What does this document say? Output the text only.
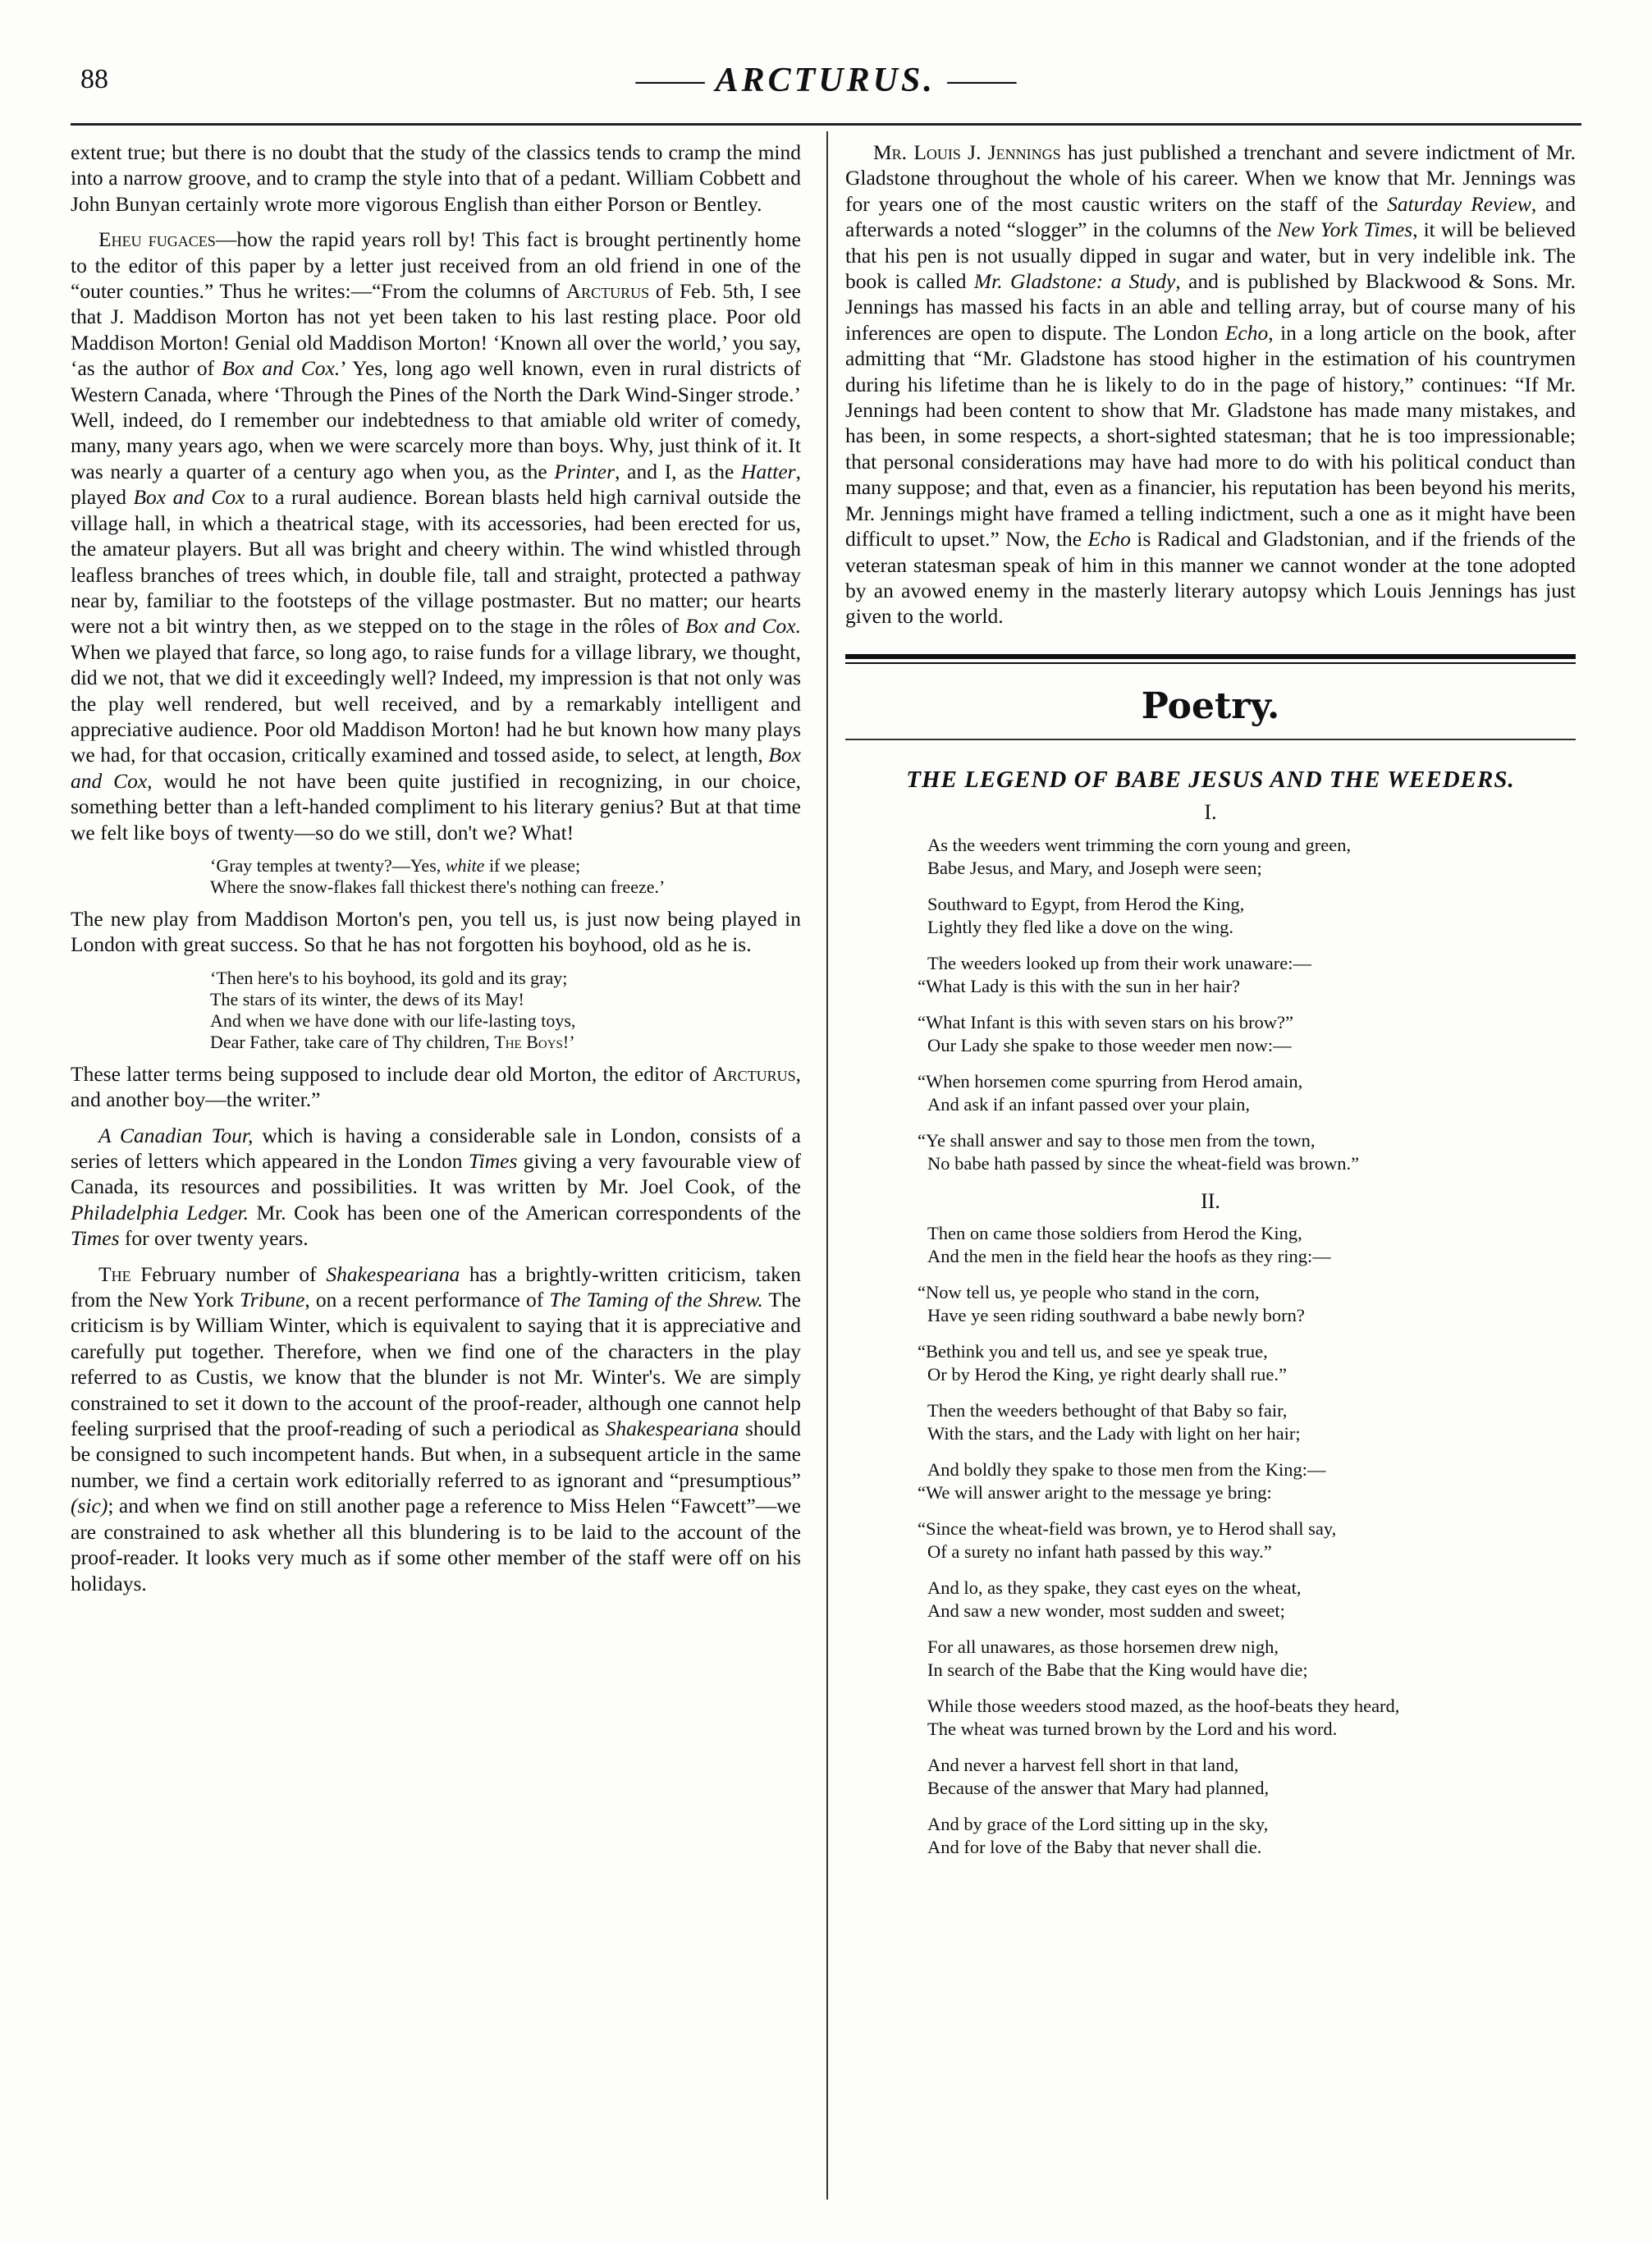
88	—— ARCTURUS. ——

extent true; but there is no doubt that the study of the classics tends to cramp the mind into a narrow groove, and to cramp the style into that of a pedant. William Cobbett and John Bunyan certainly wrote more vigorous English than either Porson or Bentley.

Eheu fugaces—how the rapid years roll by! This fact is brought pertinently home to the editor of this paper by a letter just received from an old friend in one of the “outer counties.” Thus he writes:—“From the columns of Arcturus of Feb. 5th, I see that J. Maddison Morton has not yet been taken to his last resting place. Poor old Maddison Morton! Genial old Maddison Morton! ‘Known all over the world,’ you say, ‘as the author of Box and Cox.’ Yes, long ago well known, even in rural districts of Western Canada, where ‘Through the Pines of the North the Dark Wind-Singer strode.’ Well, indeed, do I remember our indebtedness to that amiable old writer of comedy, many, many years ago, when we were scarcely more than boys. Why, just think of it. It was nearly a quarter of a century ago when you, as the Printer, and I, as the Hatter, played Box and Cox to a rural audience. Borean blasts held high carnival outside the village hall, in which a theatrical stage, with its accessories, had been erected for us, the amateur players. But all was bright and cheery within. The wind whistled through leafless branches of trees which, in double file, tall and straight, protected a pathway near by, familiar to the footsteps of the village postmaster. But no matter; our hearts were not a bit wintry then, as we stepped on to the stage in the rôles of Box and Cox. When we played that farce, so long ago, to raise funds for a village library, we thought, did we not, that we did it exceedingly well? Indeed, my impression is that not only was the play well rendered, but well received, and by a remarkably intelligent and appreciative audience. Poor old Maddison Morton! had he but known how many plays we had, for that occasion, critically examined and tossed aside, to select, at length, Box and Cox, would he not have been quite justified in recognizing, in our choice, something better than a left-handed compliment to his literary genius? But at that time we felt like boys of twenty—so do we still, don't we? What!

‘Gray temples at twenty?—Yes, white if we please;
Where the snow-flakes fall thickest there's nothing can freeze.’

The new play from Maddison Morton's pen, you tell us, is just now being played in London with great success. So that he has not forgotten his boyhood, old as he is.

‘Then here's to his boyhood, its gold and its gray;
The stars of its winter, the dews of its May!
And when we have done with our life-lasting toys,
Dear Father, take care of Thy children, The Boys!’

These latter terms being supposed to include dear old Morton, the editor of Arcturus, and another boy—the writer.”

A Canadian Tour, which is having a considerable sale in London, consists of a series of letters which appeared in the London Times giving a very favourable view of Canada, its resources and possibilities. It was written by Mr. Joel Cook, of the Philadelphia Ledger. Mr. Cook has been one of the American correspondents of the Times for over twenty years.

The February number of Shakespeariana has a brightly-written criticism, taken from the New York Tribune, on a recent performance of The Taming of the Shrew. The criticism is by William Winter, which is equivalent to saying that it is appreciative and carefully put together. Therefore, when we find one of the characters in the play referred to as Custis, we know that the blunder is not Mr. Winter's. We are simply constrained to set it down to the account of the proof-reader, although one cannot help feeling surprised that the proof-reading of such a periodical as Shakespeariana should be consigned to such incompetent hands. But when, in a subsequent article in the same number, we find a certain work editorially referred to as ignorant and “presumptious” (sic); and when we find on still another page a reference to Miss Helen “Fawcett”—we are constrained to ask whether all this blundering is to be laid to the account of the proof-reader. It looks very much as if some other member of the staff were off on his holidays.

Mr. Louis J. Jennings has just published a trenchant and severe indictment of Mr. Gladstone throughout the whole of his career. When we know that Mr. Jennings was for years one of the most caustic writers on the staff of the Saturday Review, and afterwards a noted “slogger” in the columns of the New York Times, it will be believed that his pen is not usually dipped in sugar and water, but in very indelible ink. The book is called Mr. Gladstone: a Study, and is published by Blackwood & Sons. Mr. Jennings has massed his facts in an able and telling array, but of course many of his inferences are open to dispute. The London Echo, in a long article on the book, after admitting that “Mr. Gladstone has stood higher in the estimation of his countrymen during his lifetime than he is likely to do in the page of history,” continues: “If Mr. Jennings had been content to show that Mr. Gladstone has made many mistakes, and has been, in some respects, a short-sighted statesman; that he is too impressionable; that personal considerations may have had more to do with his political conduct than many suppose; and that, even as a financier, his reputation has been beyond his merits, Mr. Jennings might have framed a telling indictment, such a one as it might have been difficult to upset.” Now, the Echo is Radical and Gladstonian, and if the friends of the veteran statesman speak of him in this manner we cannot wonder at the tone adopted by an avowed enemy in the masterly literary autopsy which Louis Jennings has just given to the world.

Poetry.
THE LEGEND OF BABE JESUS AND THE WEEDERS.
I.
As the weeders went trimming the corn young and green,
Babe Jesus, and Mary, and Joseph were seen;
Southward to Egypt, from Herod the King,
Lightly they fled like a dove on the wing.
The weeders looked up from their work unaware:—
“What Lady is this with the sun in her hair?
“What Infant is this with seven stars on his brow?”
Our Lady she spake to those weeder men now:—
“When horsemen come spurring from Herod amain,
And ask if an infant passed over your plain,
“Ye shall answer and say to those men from the town,
No babe hath passed by since the wheat-field was brown.”
II.
Then on came those soldiers from Herod the King,
And the men in the field hear the hoofs as they ring:—
“Now tell us, ye people who stand in the corn,
Have ye seen riding southward a babe newly born?
“Bethink you and tell us, and see ye speak true,
Or by Herod the King, ye right dearly shall rue.”
Then the weeders bethought of that Baby so fair,
With the stars, and the Lady with light on her hair;
And boldly they spake to those men from the King:—
“We will answer aright to the message ye bring:
“Since the wheat-field was brown, ye to Herod shall say,
Of a surety no infant hath passed by this way.”
And lo, as they spake, they cast eyes on the wheat,
And saw a new wonder, most sudden and sweet;
For all unawares, as those horsemen drew nigh,
In search of the Babe that the King would have die;
While those weeders stood mazed, as the hoof-beats they heard,
The wheat was turned brown by the Lord and his word.
And never a harvest fell short in that land,
Because of the answer that Mary had planned,
And by grace of the Lord sitting up in the sky,
And for love of the Baby that never shall die.
